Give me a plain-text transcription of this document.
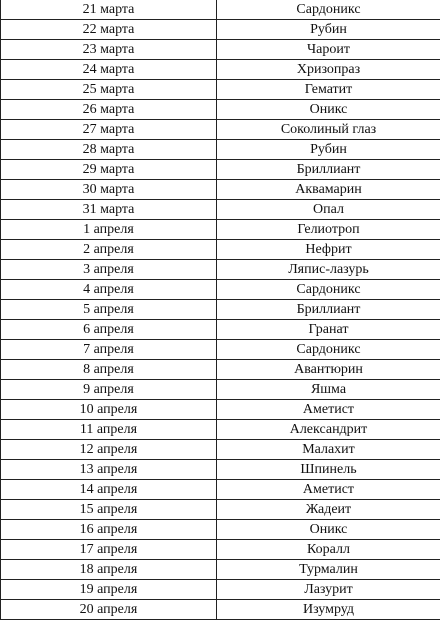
21 марта	Сардоникс
22 марта	Рубин
23 марта	Чароит
24 марта	Хризопраз
25 марта	Гематит
26 марта	Оникс
27 марта	Соколиный глаз
28 марта	Рубин
29 марта	Бриллиант
30 марта	Аквамарин
31 марта	Опал
1 апреля	Гелиотроп
2 апреля	Нефрит
3 апреля	Ляпис-лазурь
4 апреля	Сардоникс
5 апреля	Бриллиант
6 апреля	Гранат
7 апреля	Сардоникс
8 апреля	Авантюрин
9 апреля	Яшма
10 апреля	Аметист
11 апреля	Александрит
12 апреля	Малахит
13 апреля	Шпинель
14 апреля	Аметист
15 апреля	Жадеит
16 апреля	Оникс
17 апреля	Коралл
18 апреля	Турмалин
19 апреля	Лазурит
20 апреля	Изумруд
